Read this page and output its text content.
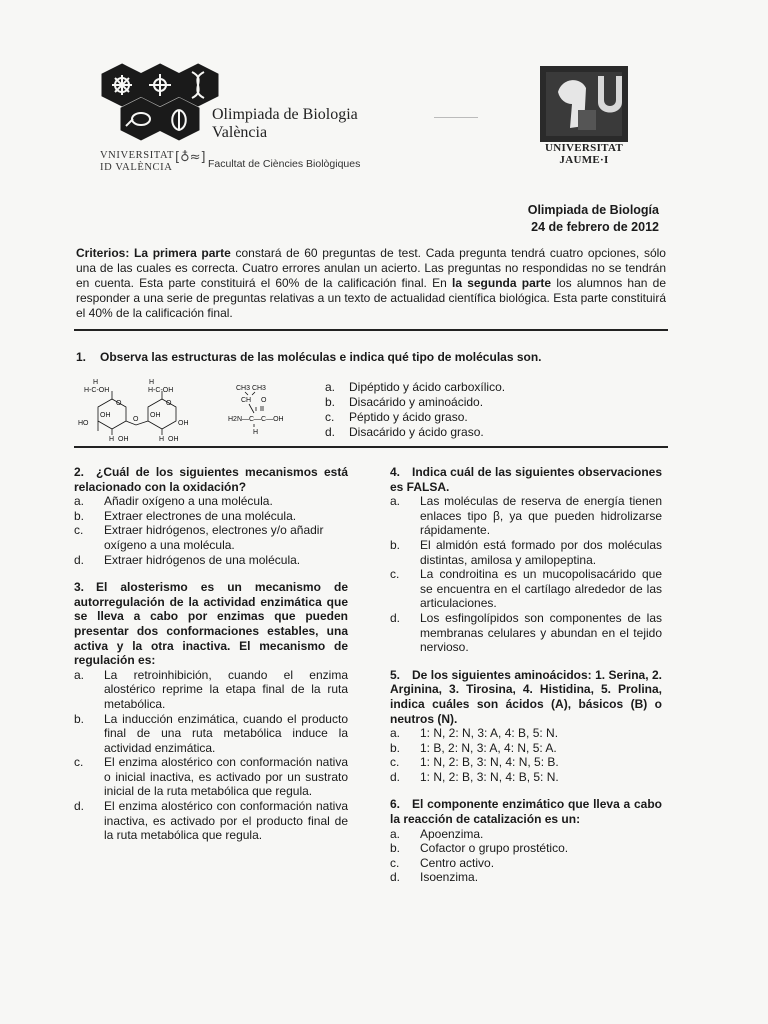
Olimpiada de Biologia
València
VNIVERSITAT
ID VALÈNCIA
[♁≈] Facultat de Ciències Biològiques
UNIVERSITAT
JAUME·I
Olimpiada de Biología
24 de febrero de 2012
Criterios: La primera parte constará de 60 preguntas de test. Cada pregunta tendrá cuatro opciones, sólo una de las cuales es correcta. Cuatro errores anulan un acierto. Las preguntas no respondidas no se tendrán en cuenta. Esta parte constituirá el 60% de la calificación final. En la segunda parte los alumnos han de responder a una serie de preguntas relativas a un texto de actualidad científica biológica. Esta parte constituirá el 40% de la calificación final.
1. Observa las estructuras de las moléculas e indica qué tipo de moléculas son.
H
H-C-OH
H
H-C-OH
O	O
OH	OH
HO
O
OH
H OH	H OH
CH3 CH3
CH O
H2N—C—C—OH
H
a. Dipéptido y ácido carboxílico.
b. Disacárido y aminoácido.
c. Péptido y ácido graso.
d. Disacárido y ácido graso.
2. ¿Cuál de los siguientes mecanismos está relacionado con la oxidación?
a.	Añadir oxígeno a una molécula.
b.	Extraer electrones de una molécula.
c.	Extraer hidrógenos, electrones y/o añadir oxígeno a una molécula.
d.	Extraer hidrógenos de una molécula.
3. El alosterismo es un mecanismo de autorregulación de la actividad enzimática que se lleva a cabo por enzimas que pueden presentar dos conformaciones estables, una activa y la otra inactiva. El mecanismo de regulación es:
a.	La retroinhibición, cuando el enzima alostérico reprime la etapa final de la ruta metabólica.
b.	La inducción enzimática, cuando el producto final de una ruta metabólica induce la actividad enzimática.
c.	El enzima alostérico con conformación nativa o inicial inactiva, es activado por un sustrato inicial de la ruta metabólica que regula.
d.	El enzima alostérico con conformación nativa inactiva, es activado por el producto final de la ruta metabólica que regula.
4. Indica cuál de las siguientes observaciones es FALSA.
a.	Las moléculas de reserva de energía tienen enlaces tipo β, ya que pueden hidrolizarse rápidamente.
b.	El almidón está formado por dos moléculas distintas, amilosa y amilopeptina.
c.	La condroitina es un mucopolisacárido que se encuentra en el cartílago alrededor de las articulaciones.
d.	Los esfingolípidos son componentes de las membranas celulares y abundan en el tejido nervioso.
5. De los siguientes aminoácidos: 1. Serina, 2. Arginina, 3. Tirosina, 4. Histidina, 5. Prolina, indica cuáles son ácidos (A), básicos (B) o neutros (N).
a.	1: N, 2: N, 3: A, 4: B, 5: N.
b.	1: B, 2: N, 3: A, 4: N, 5: A.
c.	1: N, 2: B, 3: N, 4: N, 5: B.
d.	1: N, 2: B, 3: N, 4: B, 5: N.
6. El componente enzimático que lleva a cabo la reacción de catalización es un:
a.	Apoenzima.
b.	Cofactor o grupo prostético.
c.	Centro activo.
d.	Isoenzima.
